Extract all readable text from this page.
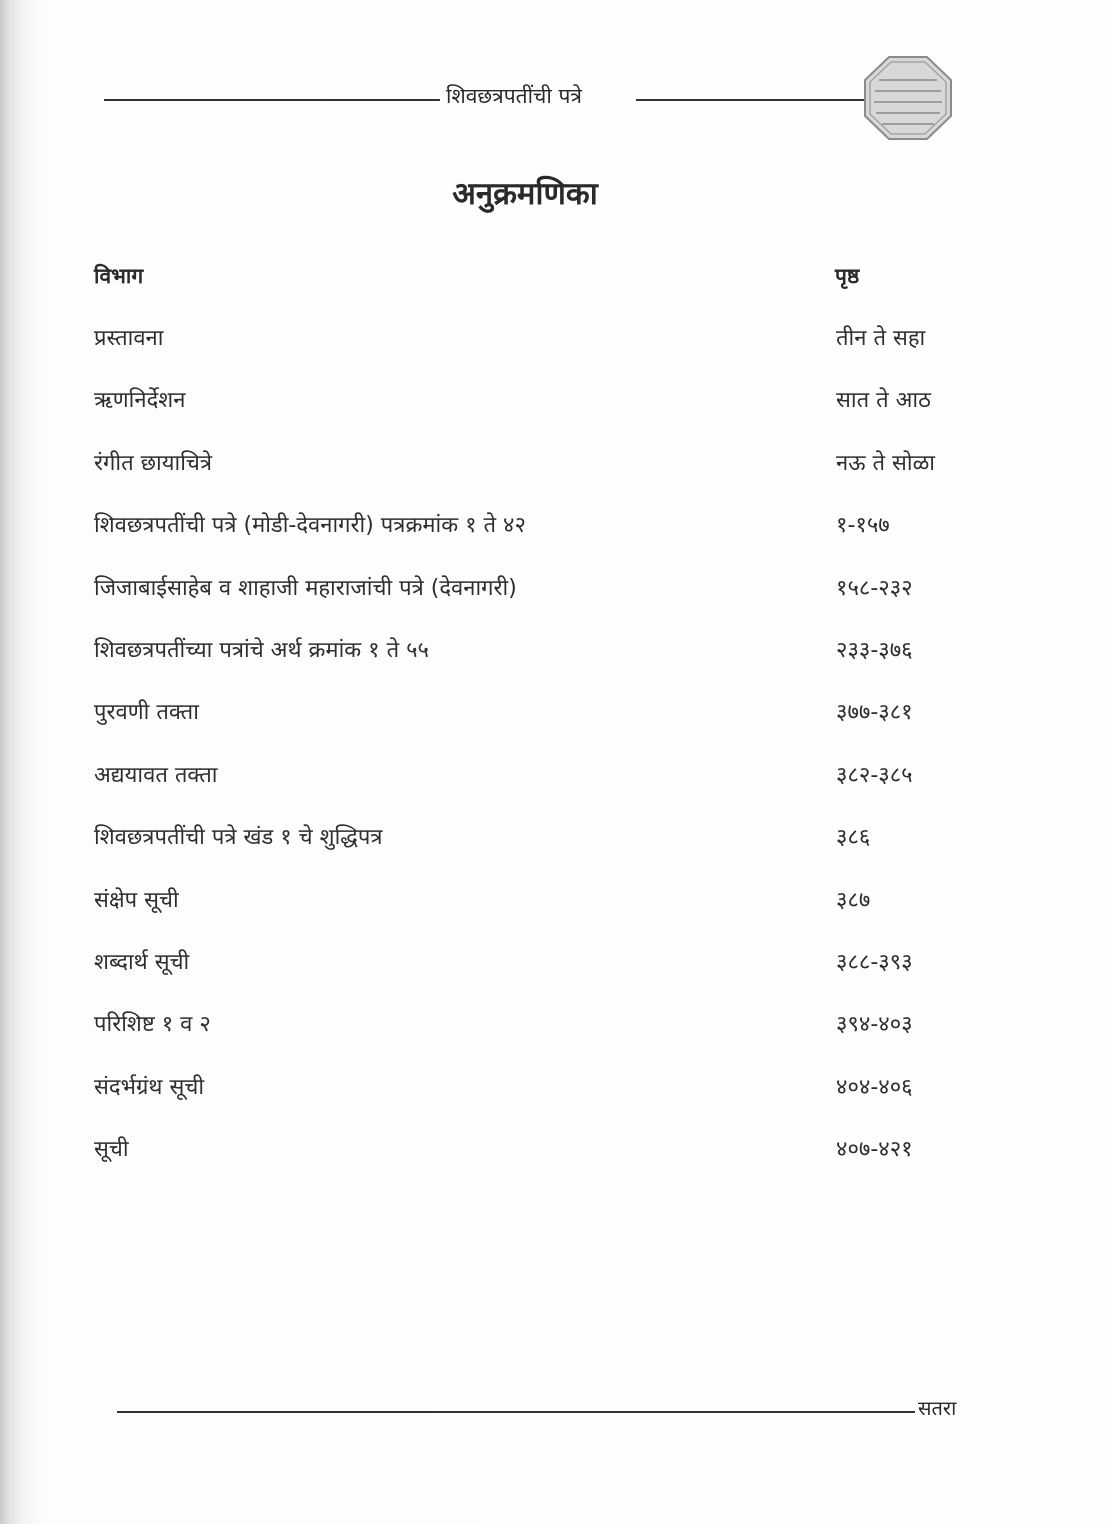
शिवछत्रपतींची पत्रे
अनुक्रमणिका
विभाग	पृष्ठ
प्रस्तावना	तीन ते सहा
ऋणनिर्देशन	सात ते आठ
रंगीत छायाचित्रे	नऊ ते सोळा
शिवछत्रपतींची पत्रे (मोडी-देवनागरी) पत्रक्रमांक १ ते ४२	१-१५७
जिजाबाईसाहेब व शाहाजी महाराजांची पत्रे (देवनागरी)	१५८-२३२
शिवछत्रपतींच्या पत्रांचे अर्थ क्रमांक १ ते ५५	२३३-३७६
पुरवणी तक्ता	३७७-३८१
अद्ययावत तक्ता	३८२-३८५
शिवछत्रपतींची पत्रे खंड १ चे शुद्धिपत्र	३८६
संक्षेप सूची	३८७
शब्दार्थ सूची	३८८-३९३
परिशिष्ट १ व २	३९४-४०३
संदर्भग्रंथ सूची	४०४-४०६
सूची	४०७-४२१
सतरा
